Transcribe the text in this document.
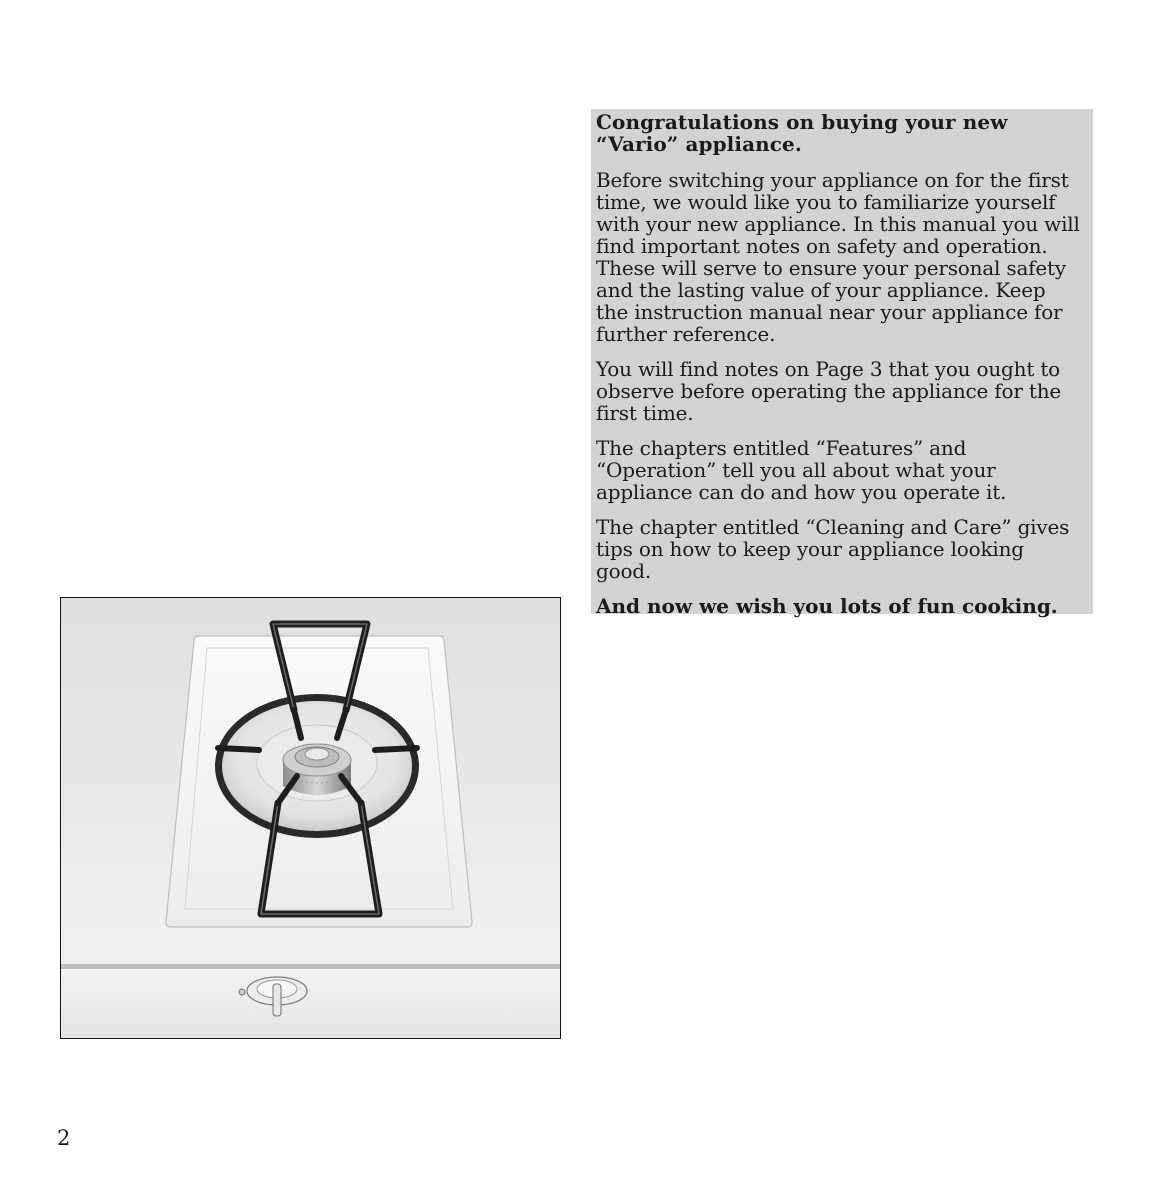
Congratulations on buying your new
“Vario” appliance.

Before switching your appliance on for the first time, we would like you to familiarize yourself with your new appliance. In this manual you will find important notes on safety and operation. These will serve to ensure your personal safety and the lasting value of your appliance. Keep the instruction manual near your appliance for further reference.

You will find notes on Page 3 that you ought to observe before operating the appliance for the first time.

The chapters entitled “Features” and “Operation” tell you all about what your appliance can do and how you operate it.

The chapter entitled “Cleaning and Care” gives tips on how to keep your appliance looking good.

And now we wish you lots of fun cooking.

2
